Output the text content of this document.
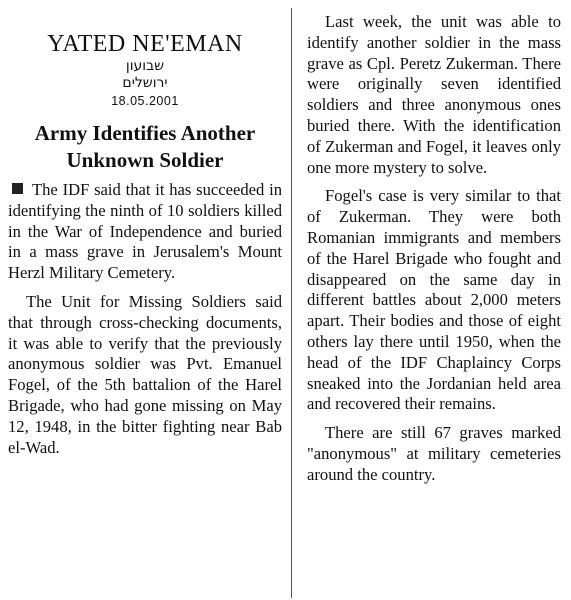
YATED NE'EMAN
שבועון
ירושלים
18.05.2001
Army Identifies Another
Unknown Soldier

The IDF said that it has succeeded in identifying the ninth of 10 soldiers killed in the War of Independence and buried in a mass grave in Jerusalem's Mount Herzl Military Cemetery.

The Unit for Missing Soldiers said that through cross-checking documents, it was able to verify that the previously anonymous soldier was Pvt. Emanuel Fogel, of the 5th battalion of the Harel Brigade, who had gone missing on May 12, 1948, in the bitter fighting near Bab el-Wad.

Last week, the unit was able to identify another soldier in the mass grave as Cpl. Peretz Zukerman. There were originally seven identified soldiers and three anonymous ones buried there. With the identification of Zukerman and Fogel, it leaves only one more mystery to solve.

Fogel's case is very similar to that of Zukerman. They were both Romanian immigrants and members of the Harel Brigade who fought and disappeared on the same day in different battles about 2,000 meters apart. Their bodies and those of eight others lay there until 1950, when the head of the IDF Chaplaincy Corps sneaked into the Jordanian held area and recovered their remains.

There are still 67 graves marked "anonymous" at military cemeteries around the country.
